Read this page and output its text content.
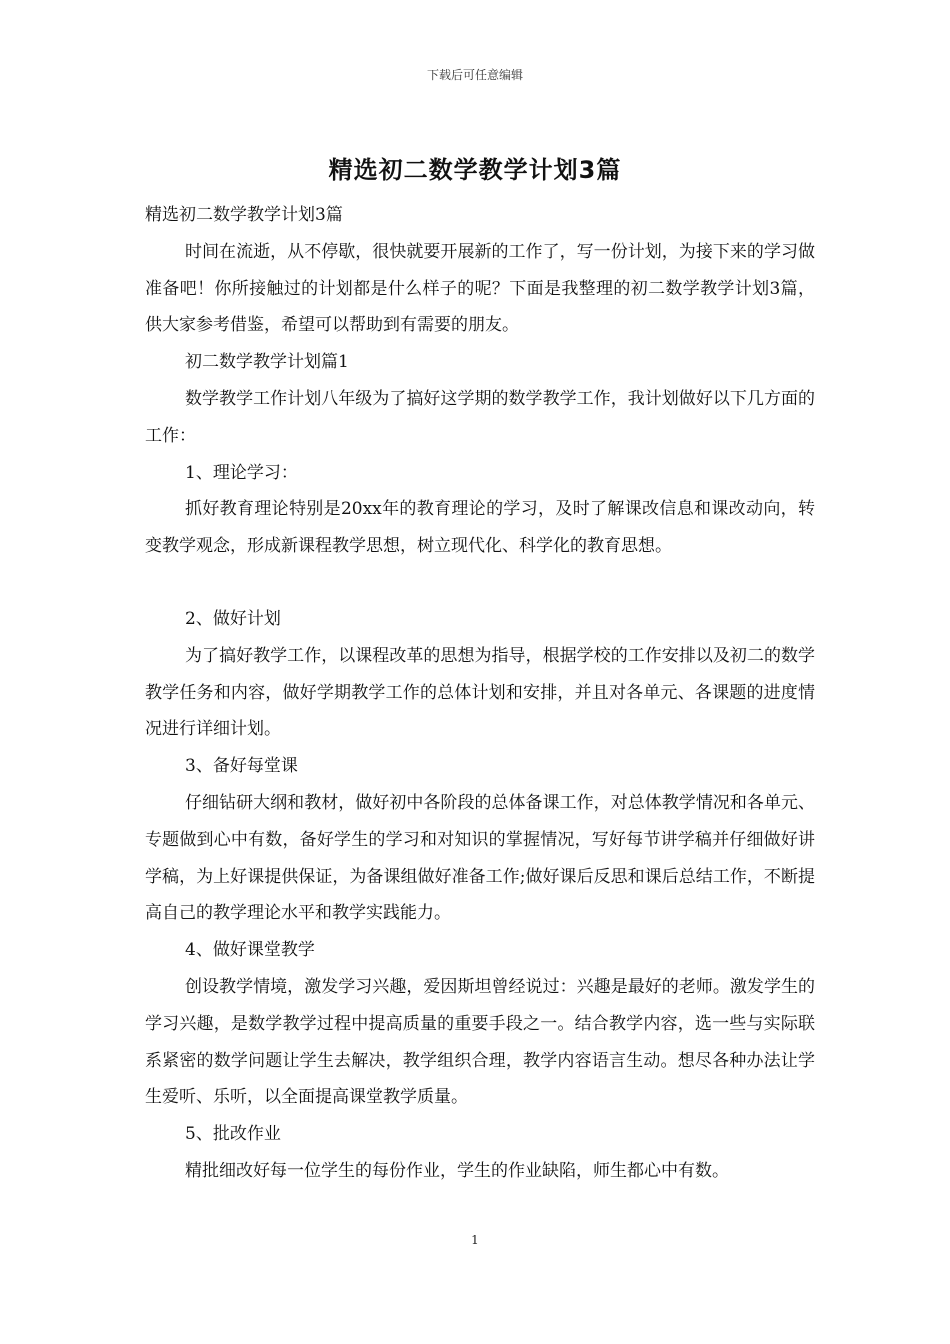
下载后可任意编辑
精选初二数学教学计划3篇

精选初二数学教学计划3篇

时间在流逝，从不停歇，很快就要开展新的工作了，写一份计划，为接下来的学习做准备吧！你所接触过的计划都是什么样子的呢？下面是我整理的初二数学教学计划3篇，供大家参考借鉴，希望可以帮助到有需要的朋友。

初二数学教学计划篇1

数学教学工作计划八年级为了搞好这学期的数学教学工作，我计划做好以下几方面的工作：

1、理论学习：

抓好教育理论特别是20xx年的教育理论的学习，及时了解课改信息和课改动向，转变教学观念，形成新课程教学思想，树立现代化、科学化的教育思想。

2、做好计划

为了搞好教学工作，以课程改革的思想为指导，根据学校的工作安排以及初二的数学教学任务和内容，做好学期教学工作的总体计划和安排，并且对各单元、各课题的进度情况进行详细计划。

3、备好每堂课

仔细钻研大纲和教材，做好初中各阶段的总体备课工作，对总体教学情况和各单元、专题做到心中有数，备好学生的学习和对知识的掌握情况，写好每节讲学稿并仔细做好讲学稿，为上好课提供保证，为备课组做好准备工作;做好课后反思和课后总结工作，不断提高自己的教学理论水平和教学实践能力。

4、做好课堂教学

创设教学情境，激发学习兴趣，爱因斯坦曾经说过：兴趣是最好的老师。激发学生的学习兴趣，是数学教学过程中提高质量的重要手段之一。结合教学内容，选一些与实际联系紧密的数学问题让学生去解决，教学组织合理，教学内容语言生动。想尽各种办法让学生爱听、乐听，以全面提高课堂教学质量。

5、批改作业

精批细改好每一位学生的每份作业，学生的作业缺陷，师生都心中有数。

1
